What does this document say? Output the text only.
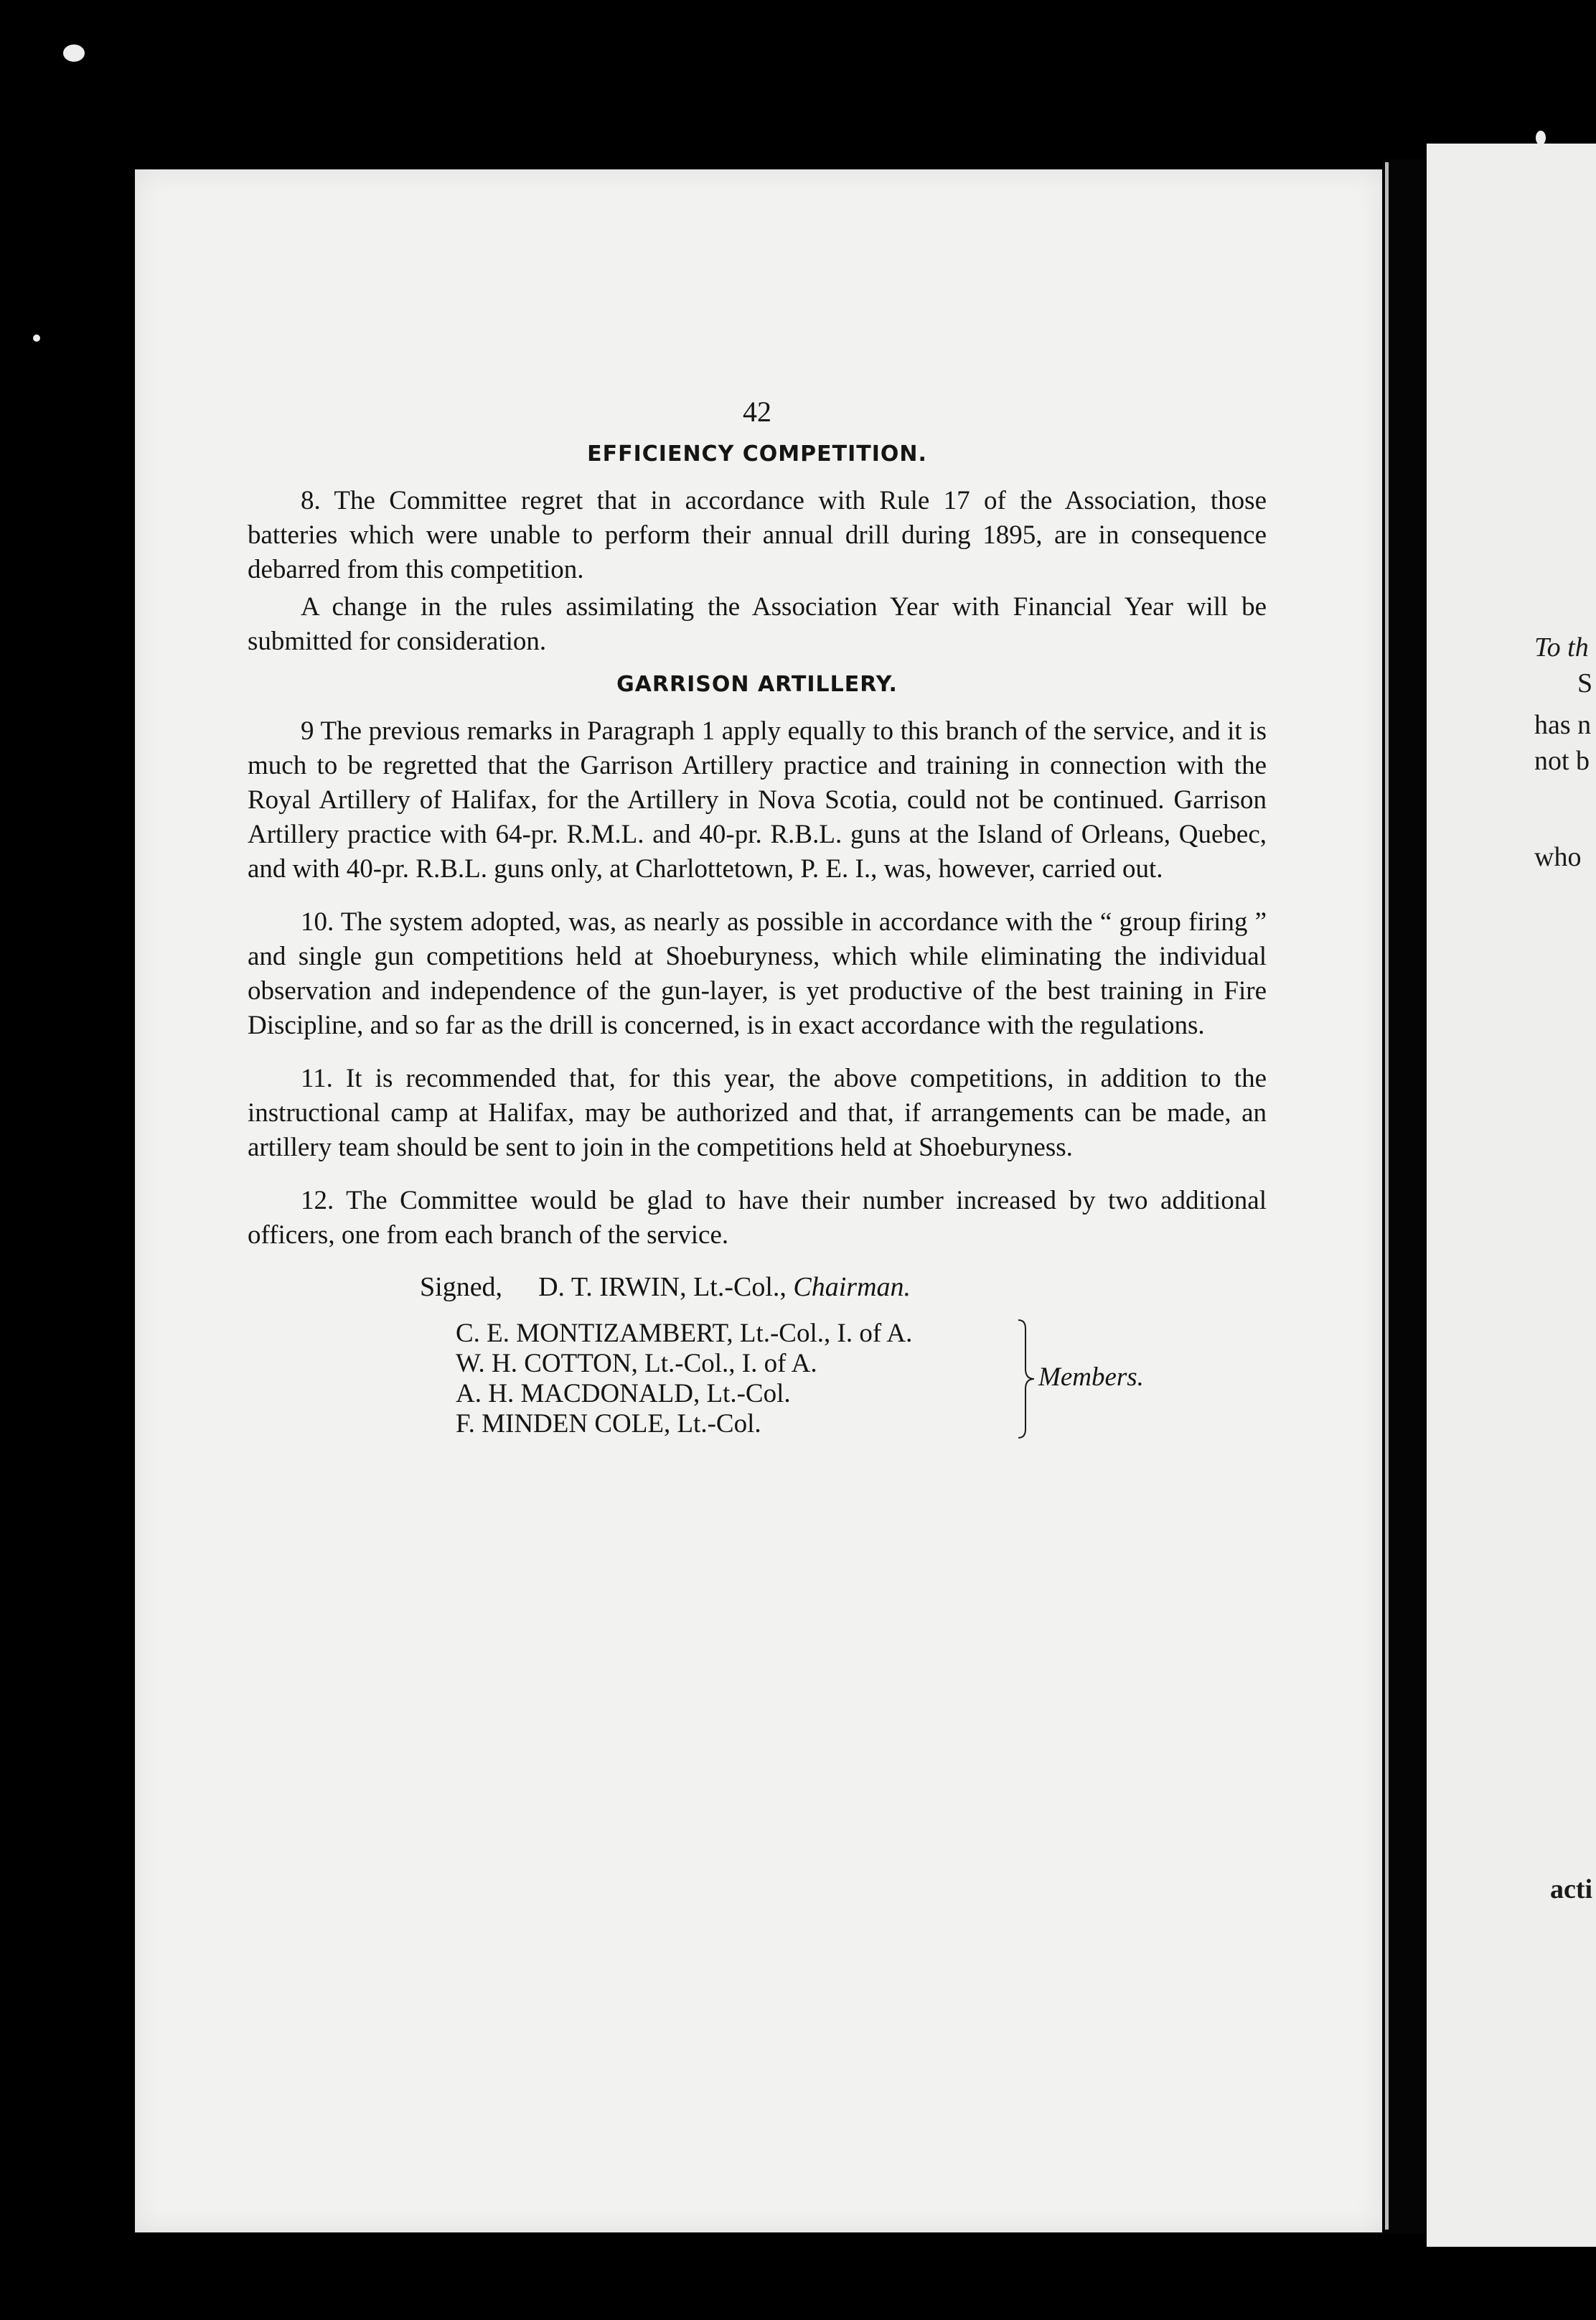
To th
S
has n
not b
who
acti
42
EFFICIENCY COMPETITION.

8. The Committee regret that in accordance with Rule 17 of the Association, those batteries which were unable to perform their annual drill during 1895, are in consequence debarred from this competition.

A change in the rules assimilating the Association Year with Financial Year will be submitted for consideration.

GARRISON ARTILLERY.

9 The previous remarks in Paragraph 1 apply equally to this branch of the service, and it is much to be regretted that the Garrison Artillery practice and training in connection with the Royal Artillery of Halifax, for the Artillery in Nova Scotia, could not be continued. Garrison Artillery practice with 64-pr. R.M.L. and 40-pr. R.B.L. guns at the Island of Orleans, Quebec, and with 40-pr. R.B.L. guns only, at Charlottetown, P. E. I., was, however, carried out.

10. The system adopted, was, as nearly as possible in accordance with the “ group firing ” and single gun competitions held at Shoeburyness, which while eliminating the individual observation and independence of the gun-layer, is yet productive of the best training in Fire Discipline, and so far as the drill is concerned, is in exact accordance with the regulations.

11. It is recommended that, for this year, the above competitions, in addition to the instructional camp at Halifax, may be authorized and that, if arrangements can be made, an artillery team should be sent to join in the competitions held at Shoeburyness.

12. The Committee would be glad to have their number increased by two additional officers, one from each branch of the service.

Signed, D. T. IRWIN, Lt.-Col., Chairman.
C. E. MONTIZAMBERT, Lt.-Col., I. of A.
W. H. COTTON, Lt.-Col., I. of A.
A. H. MACDONALD, Lt.-Col.
F. MINDEN COLE, Lt.-Col.
Members.
